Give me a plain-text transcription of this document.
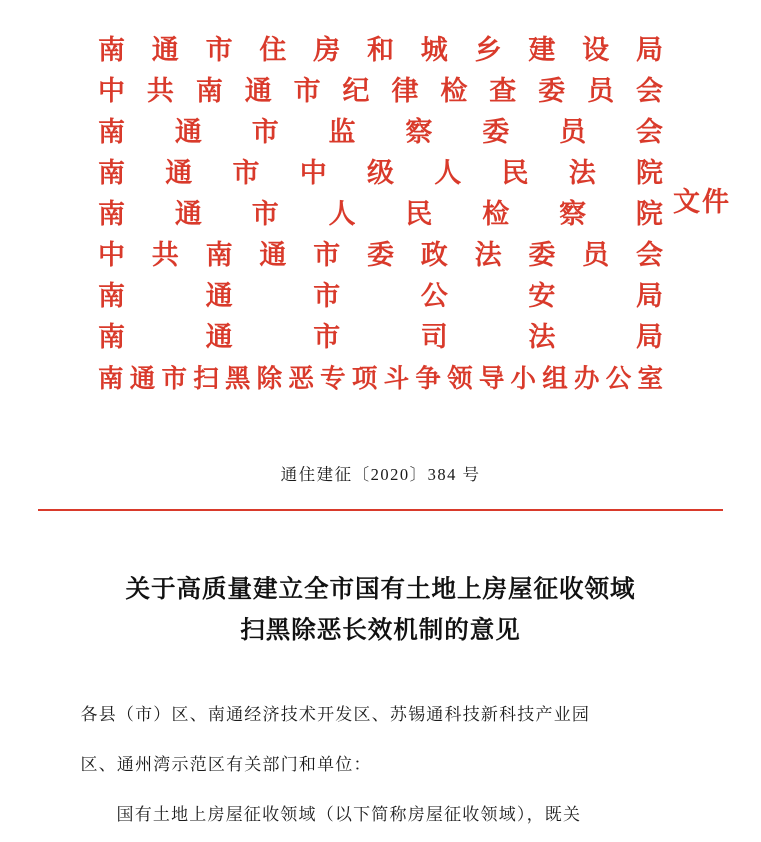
南 通 市 住 房 和 城 乡 建 设 局
中 共 南 通 市 纪 律 检 查 委 员 会
南 通 市 监 察 委 员 会
南 通 市 中 级 人 民 法 院
南 通 市 人 民 检 察 院
中 共 南 通 市 委 政 法 委 员 会
南	通	市	公	安	局
南	通	市	司	法	局
南 通 市 扫 黑 除 恶 专 项 斗 争 领 导 小 组 办 公 室
文件
通住建征〔2020〕384 号
关于高质量建立全市国有土地上房屋征收领域
扫黑除恶长效机制的意见

各县（市）区、南通经济技术开发区、苏锡通科技新科技产业园

区、通州湾示范区有关部门和单位：

国有土地上房屋征收领域（以下简称房屋征收领域），既关
